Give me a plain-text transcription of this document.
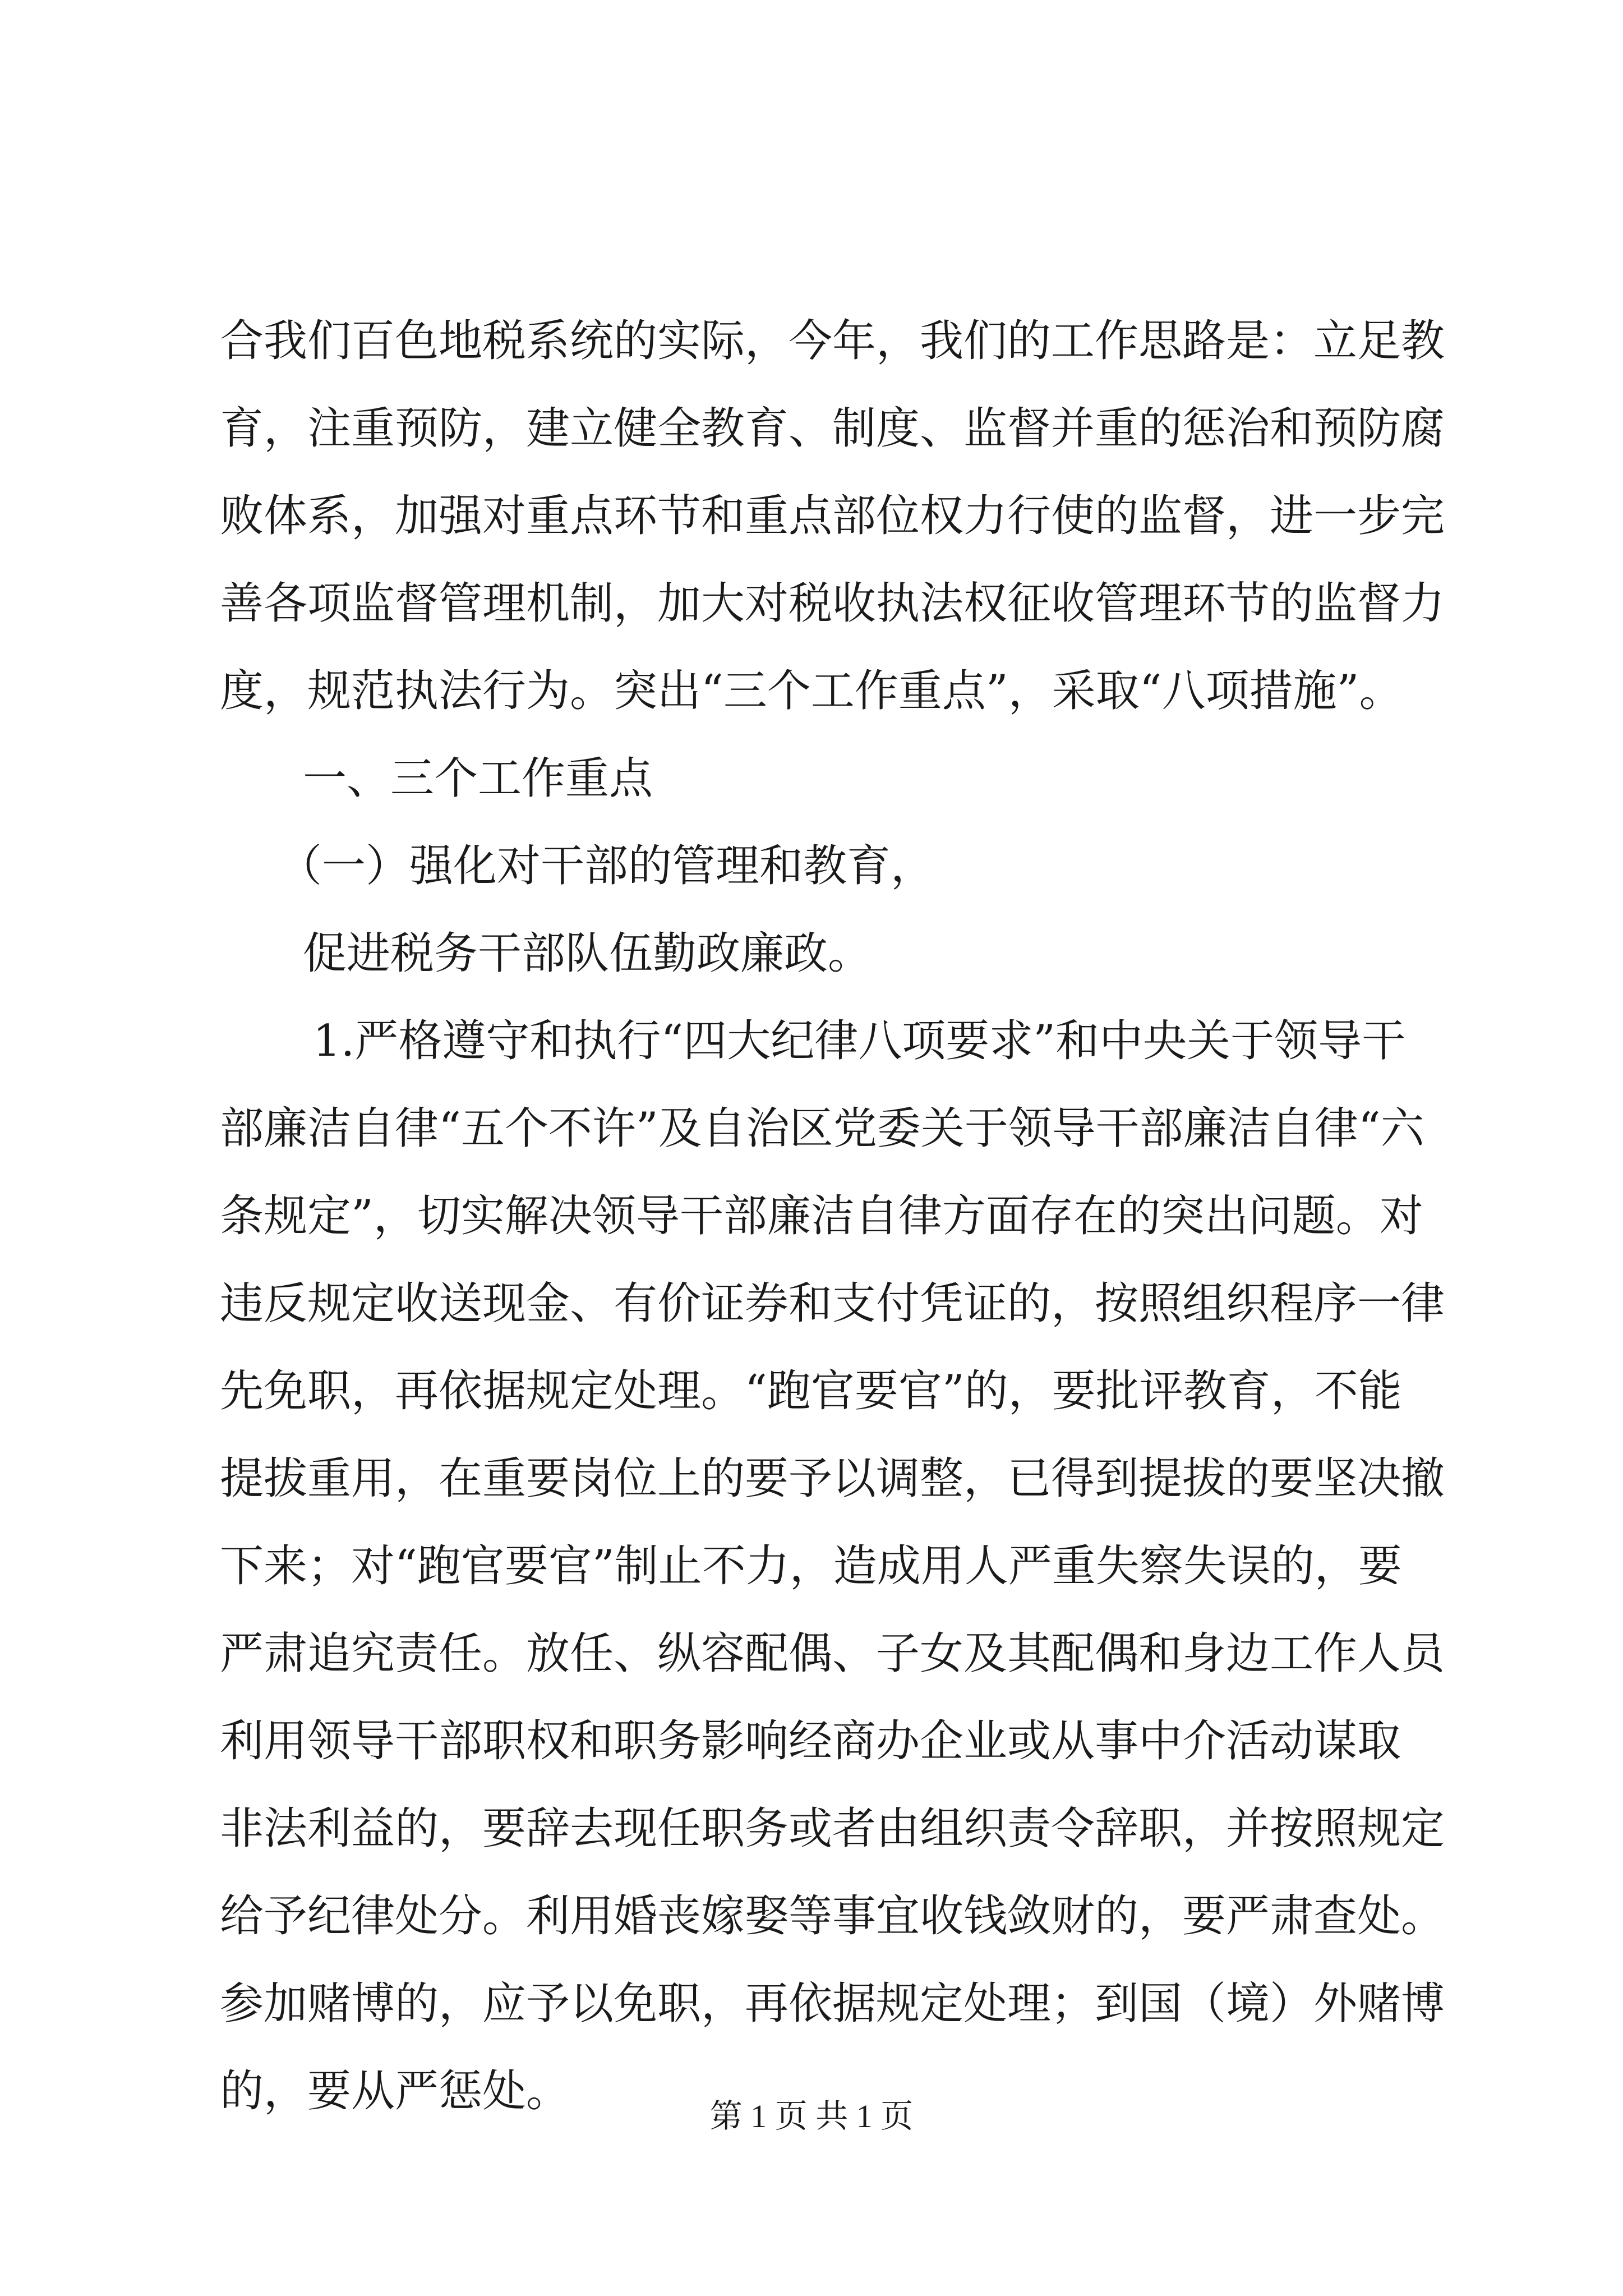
合我们百色地税系统的实际，今年，我们的工作思路是：立足教
育，注重预防，建立健全教育、制度、监督并重的惩治和预防腐
败体系，加强对重点环节和重点部位权力行使的监督，进一步完
善各项监督管理机制，加大对税收执法权征收管理环节的监督力
度，规范执法行为。突出“三个工作重点”，采取“八项措施”。
一、三个工作重点
（一）强化对干部的管理和教育，
促进税务干部队伍勤政廉政。
1.严格遵守和执行“四大纪律八项要求”和中央关于领导干
部廉洁自律“五个不许”及自治区党委关于领导干部廉洁自律“六
条规定”，切实解决领导干部廉洁自律方面存在的突出问题。对
违反规定收送现金、有价证券和支付凭证的，按照组织程序一律
先免职，再依据规定处理。“跑官要官”的，要批评教育，不能
提拔重用，在重要岗位上的要予以调整，已得到提拔的要坚决撤
下来；对“跑官要官”制止不力，造成用人严重失察失误的，要
严肃追究责任。放任、纵容配偶、子女及其配偶和身边工作人员
利用领导干部职权和职务影响经商办企业或从事中介活动谋取
非法利益的，要辞去现任职务或者由组织责令辞职，并按照规定
给予纪律处分。利用婚丧嫁娶等事宜收钱敛财的，要严肃查处。
参加赌博的，应予以免职，再依据规定处理；到国（境）外赌博
的，要从严惩处。	第 1 页 共 1 页
